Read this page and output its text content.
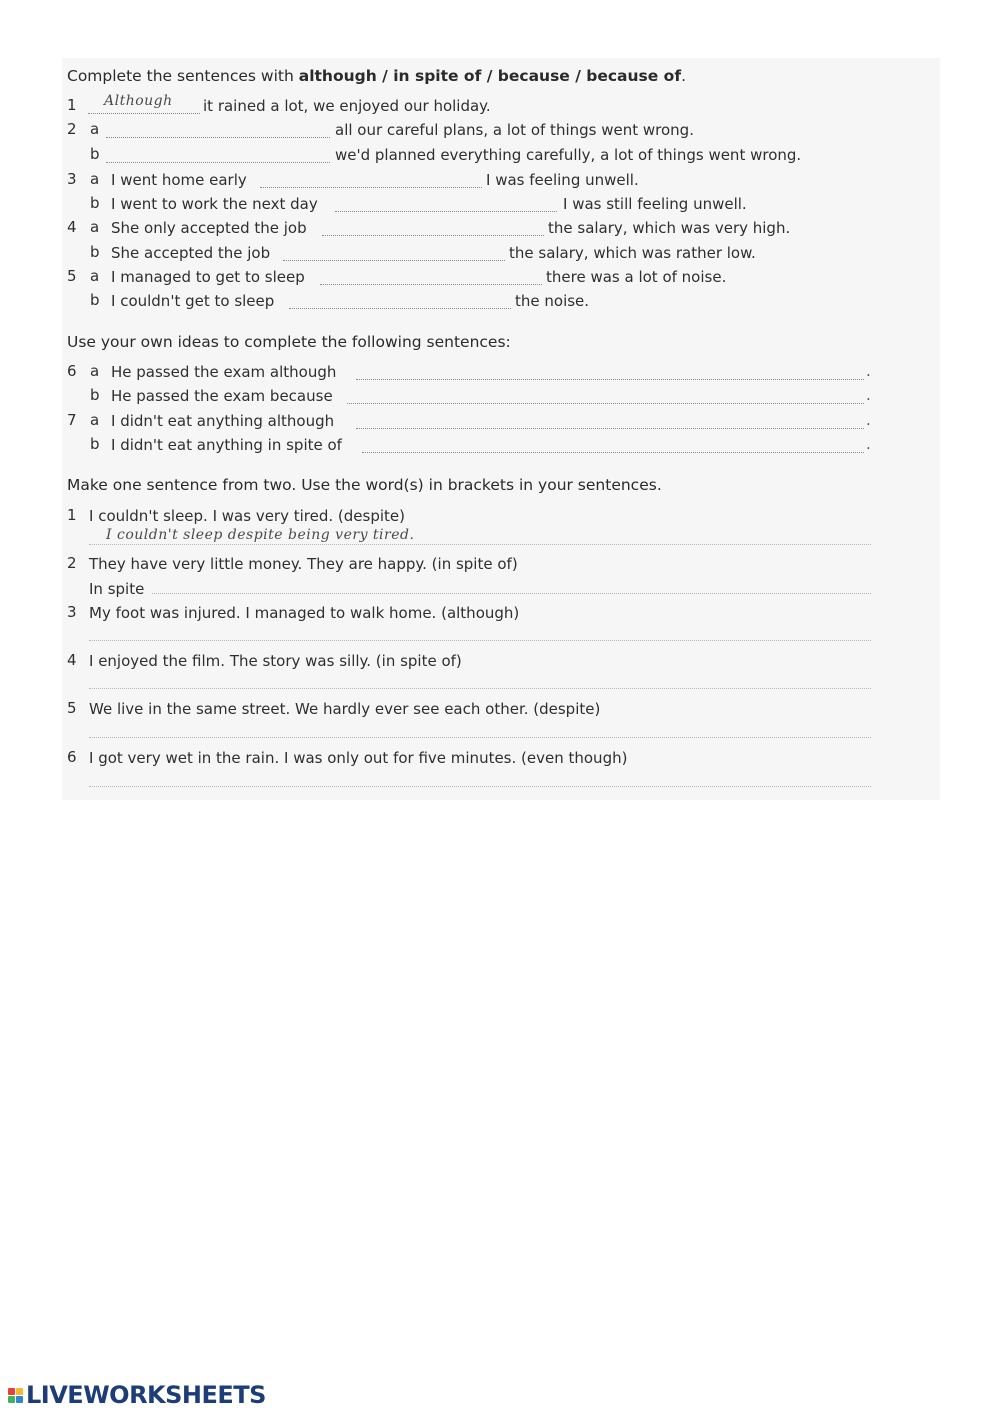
Complete the sentences with although / in spite of / because / because of.
1 Although it rained a lot, we enjoyed our holiday.
2 a	all our careful plans, a lot of things went wrong.
b	we'd planned everything carefully, a lot of things went wrong.
3 a I went home early	I was feeling unwell.
b I went to work the next day	I was still feeling unwell.
4 a She only accepted the job	the salary, which was very high.
b She accepted the job	the salary, which was rather low.
5 a I managed to get to sleep	there was a lot of noise.
b I couldn't get to sleep	the noise.
Use your own ideas to complete the following sentences:
6 a He passed the exam although	.
b He passed the exam because	.
7 a I didn't eat anything although	.
b I didn't eat anything in spite of	.
Make one sentence from two. Use the word(s) in brackets in your sentences.
1 I couldn't sleep. I was very tired. (despite)
I couldn't sleep despite being very tired.
2 They have very little money. They are happy. (in spite of)
In spite
3 My foot was injured. I managed to walk home. (although)
4 I enjoyed the film. The story was silly. (in spite of)
5 We live in the same street. We hardly ever see each other. (despite)
6 I got very wet in the rain. I was only out for five minutes. (even though)
LIVEWORKSHEETS
